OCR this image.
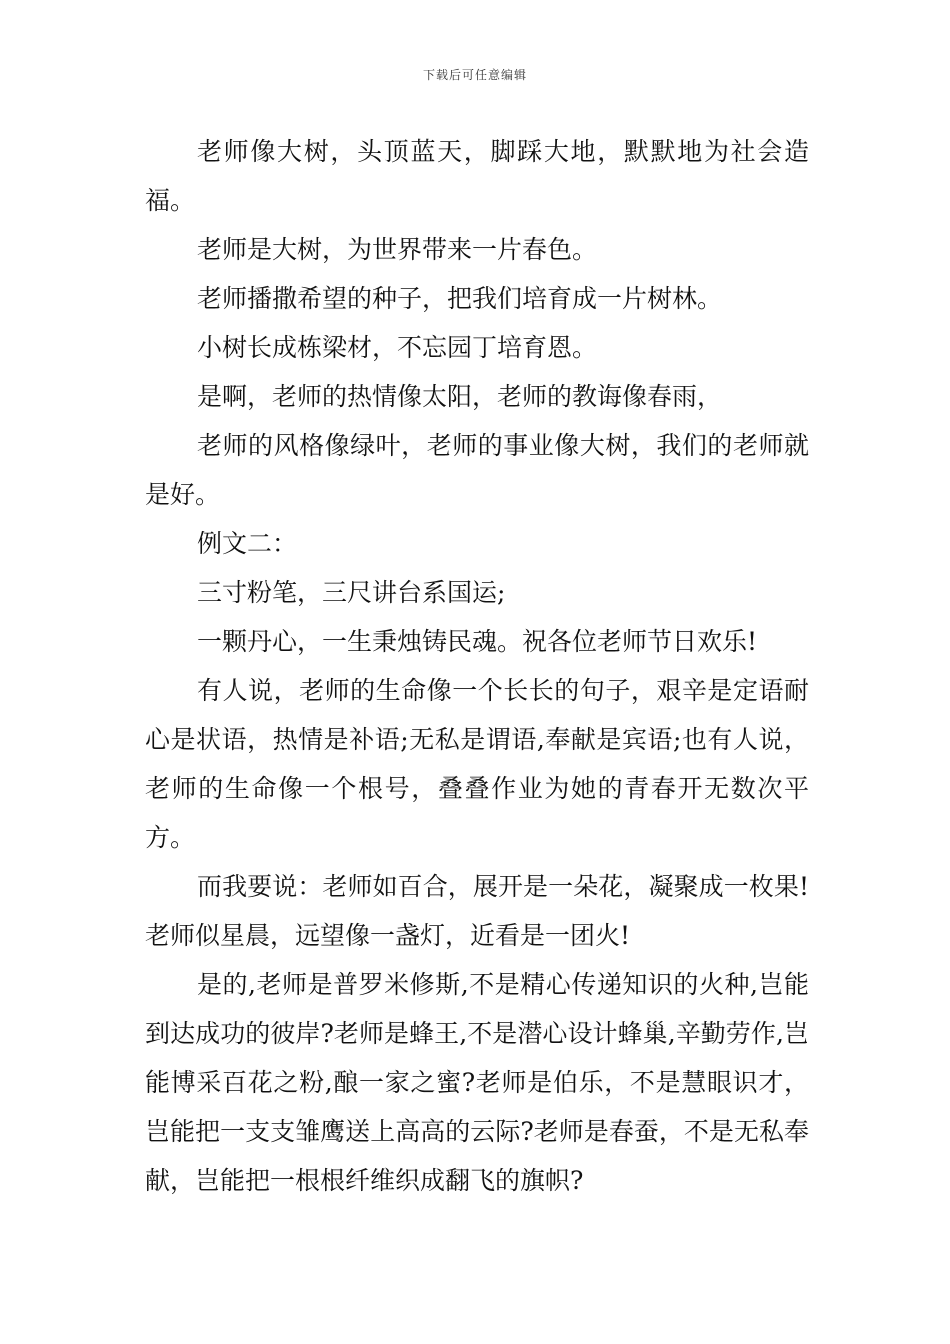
下载后可任意编辑

老师像大树，头顶蓝天，脚踩大地，默默地为社会造福。

老师是大树，为世界带来一片春色。

老师播撒希望的种子，把我们培育成一片树林。

小树长成栋梁材，不忘园丁培育恩。

是啊，老师的热情像太阳，老师的教诲像春雨，

老师的风格像绿叶，老师的事业像大树，我们的老师就是好。

例文二：

三寸粉笔，三尺讲台系国运;

一颗丹心，一生秉烛铸民魂。祝各位老师节日欢乐!

有人说，老师的生命像一个长长的句子，艰辛是定语耐心是状语，热情是补语;无私是谓语,奉献是宾语;也有人说，老师的生命像一个根号，叠叠作业为她的青春开无数次平方。

而我要说：老师如百合，展开是一朵花，凝聚成一枚果!老师似星晨，远望像一盏灯，近看是一团火!

是的,老师是普罗米修斯,不是精心传递知识的火种,岂能到达成功的彼岸?老师是蜂王,不是潜心设计蜂巢,辛勤劳作,岂能博采百花之粉,酿一家之蜜?老师是伯乐，不是慧眼识才，岂能把一支支雏鹰送上高高的云际?老师是春蚕，不是无私奉献，岂能把一根根纤维织成翻飞的旗帜?
